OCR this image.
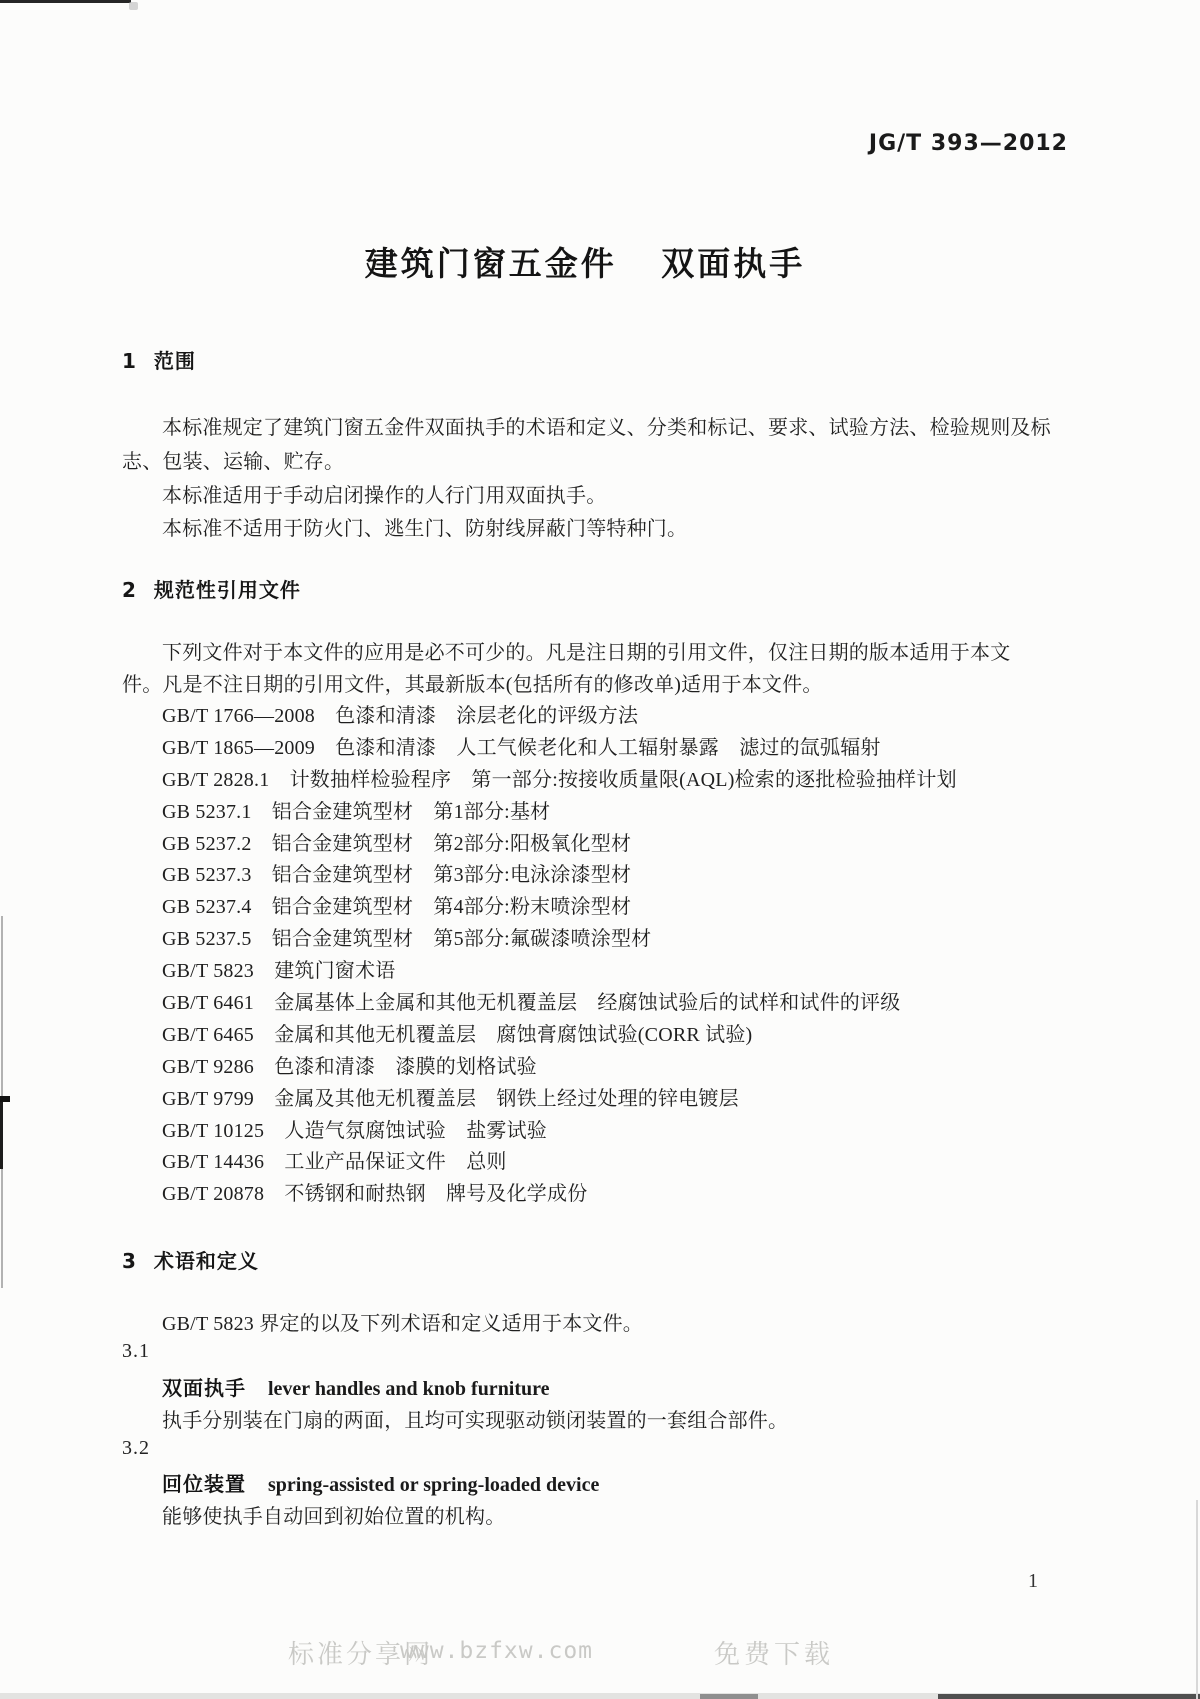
JG/T 393—2012
建筑门窗五金件 双面执手
1 范围
本标准规定了建筑门窗五金件双面执手的术语和定义、分类和标记、要求、试验方法、检验规则及标
志、包装、运输、贮存。
本标准适用于手动启闭操作的人行门用双面执手。
本标准不适用于防火门、逃生门、防射线屏蔽门等特种门。
2 规范性引用文件
下列文件对于本文件的应用是必不可少的。凡是注日期的引用文件，仅注日期的版本适用于本文
件。凡是不注日期的引用文件，其最新版本(包括所有的修改单)适用于本文件。
GB/T 1766—2008　色漆和清漆　涂层老化的评级方法
GB/T 1865—2009　色漆和清漆　人工气候老化和人工辐射暴露　滤过的氙弧辐射
GB/T 2828.1　计数抽样检验程序　第一部分:按接收质量限(AQL)检索的逐批检验抽样计划
GB 5237.1　铝合金建筑型材　第1部分:基材
GB 5237.2　铝合金建筑型材　第2部分:阳极氧化型材
GB 5237.3　铝合金建筑型材　第3部分:电泳涂漆型材
GB 5237.4　铝合金建筑型材　第4部分:粉末喷涂型材
GB 5237.5　铝合金建筑型材　第5部分:氟碳漆喷涂型材
GB/T 5823　建筑门窗术语
GB/T 6461　金属基体上金属和其他无机覆盖层　经腐蚀试验后的试样和试件的评级
GB/T 6465　金属和其他无机覆盖层　腐蚀膏腐蚀试验(CORR 试验)
GB/T 9286　色漆和清漆　漆膜的划格试验
GB/T 9799　金属及其他无机覆盖层　钢铁上经过处理的锌电镀层
GB/T 10125　人造气氛腐蚀试验　盐雾试验
GB/T 14436　工业产品保证文件　总则
GB/T 20878　不锈钢和耐热钢　牌号及化学成份
3 术语和定义
GB/T 5823 界定的以及下列术语和定义适用于本文件。
3.1
双面执手 lever handles and knob furniture
执手分别装在门扇的两面，且均可实现驱动锁闭装置的一套组合部件。
3.2
回位装置 spring-assisted or spring-loaded device
能够使执手自动回到初始位置的机构。
1
标准分享网
www.bzfxw.com	免费下载
